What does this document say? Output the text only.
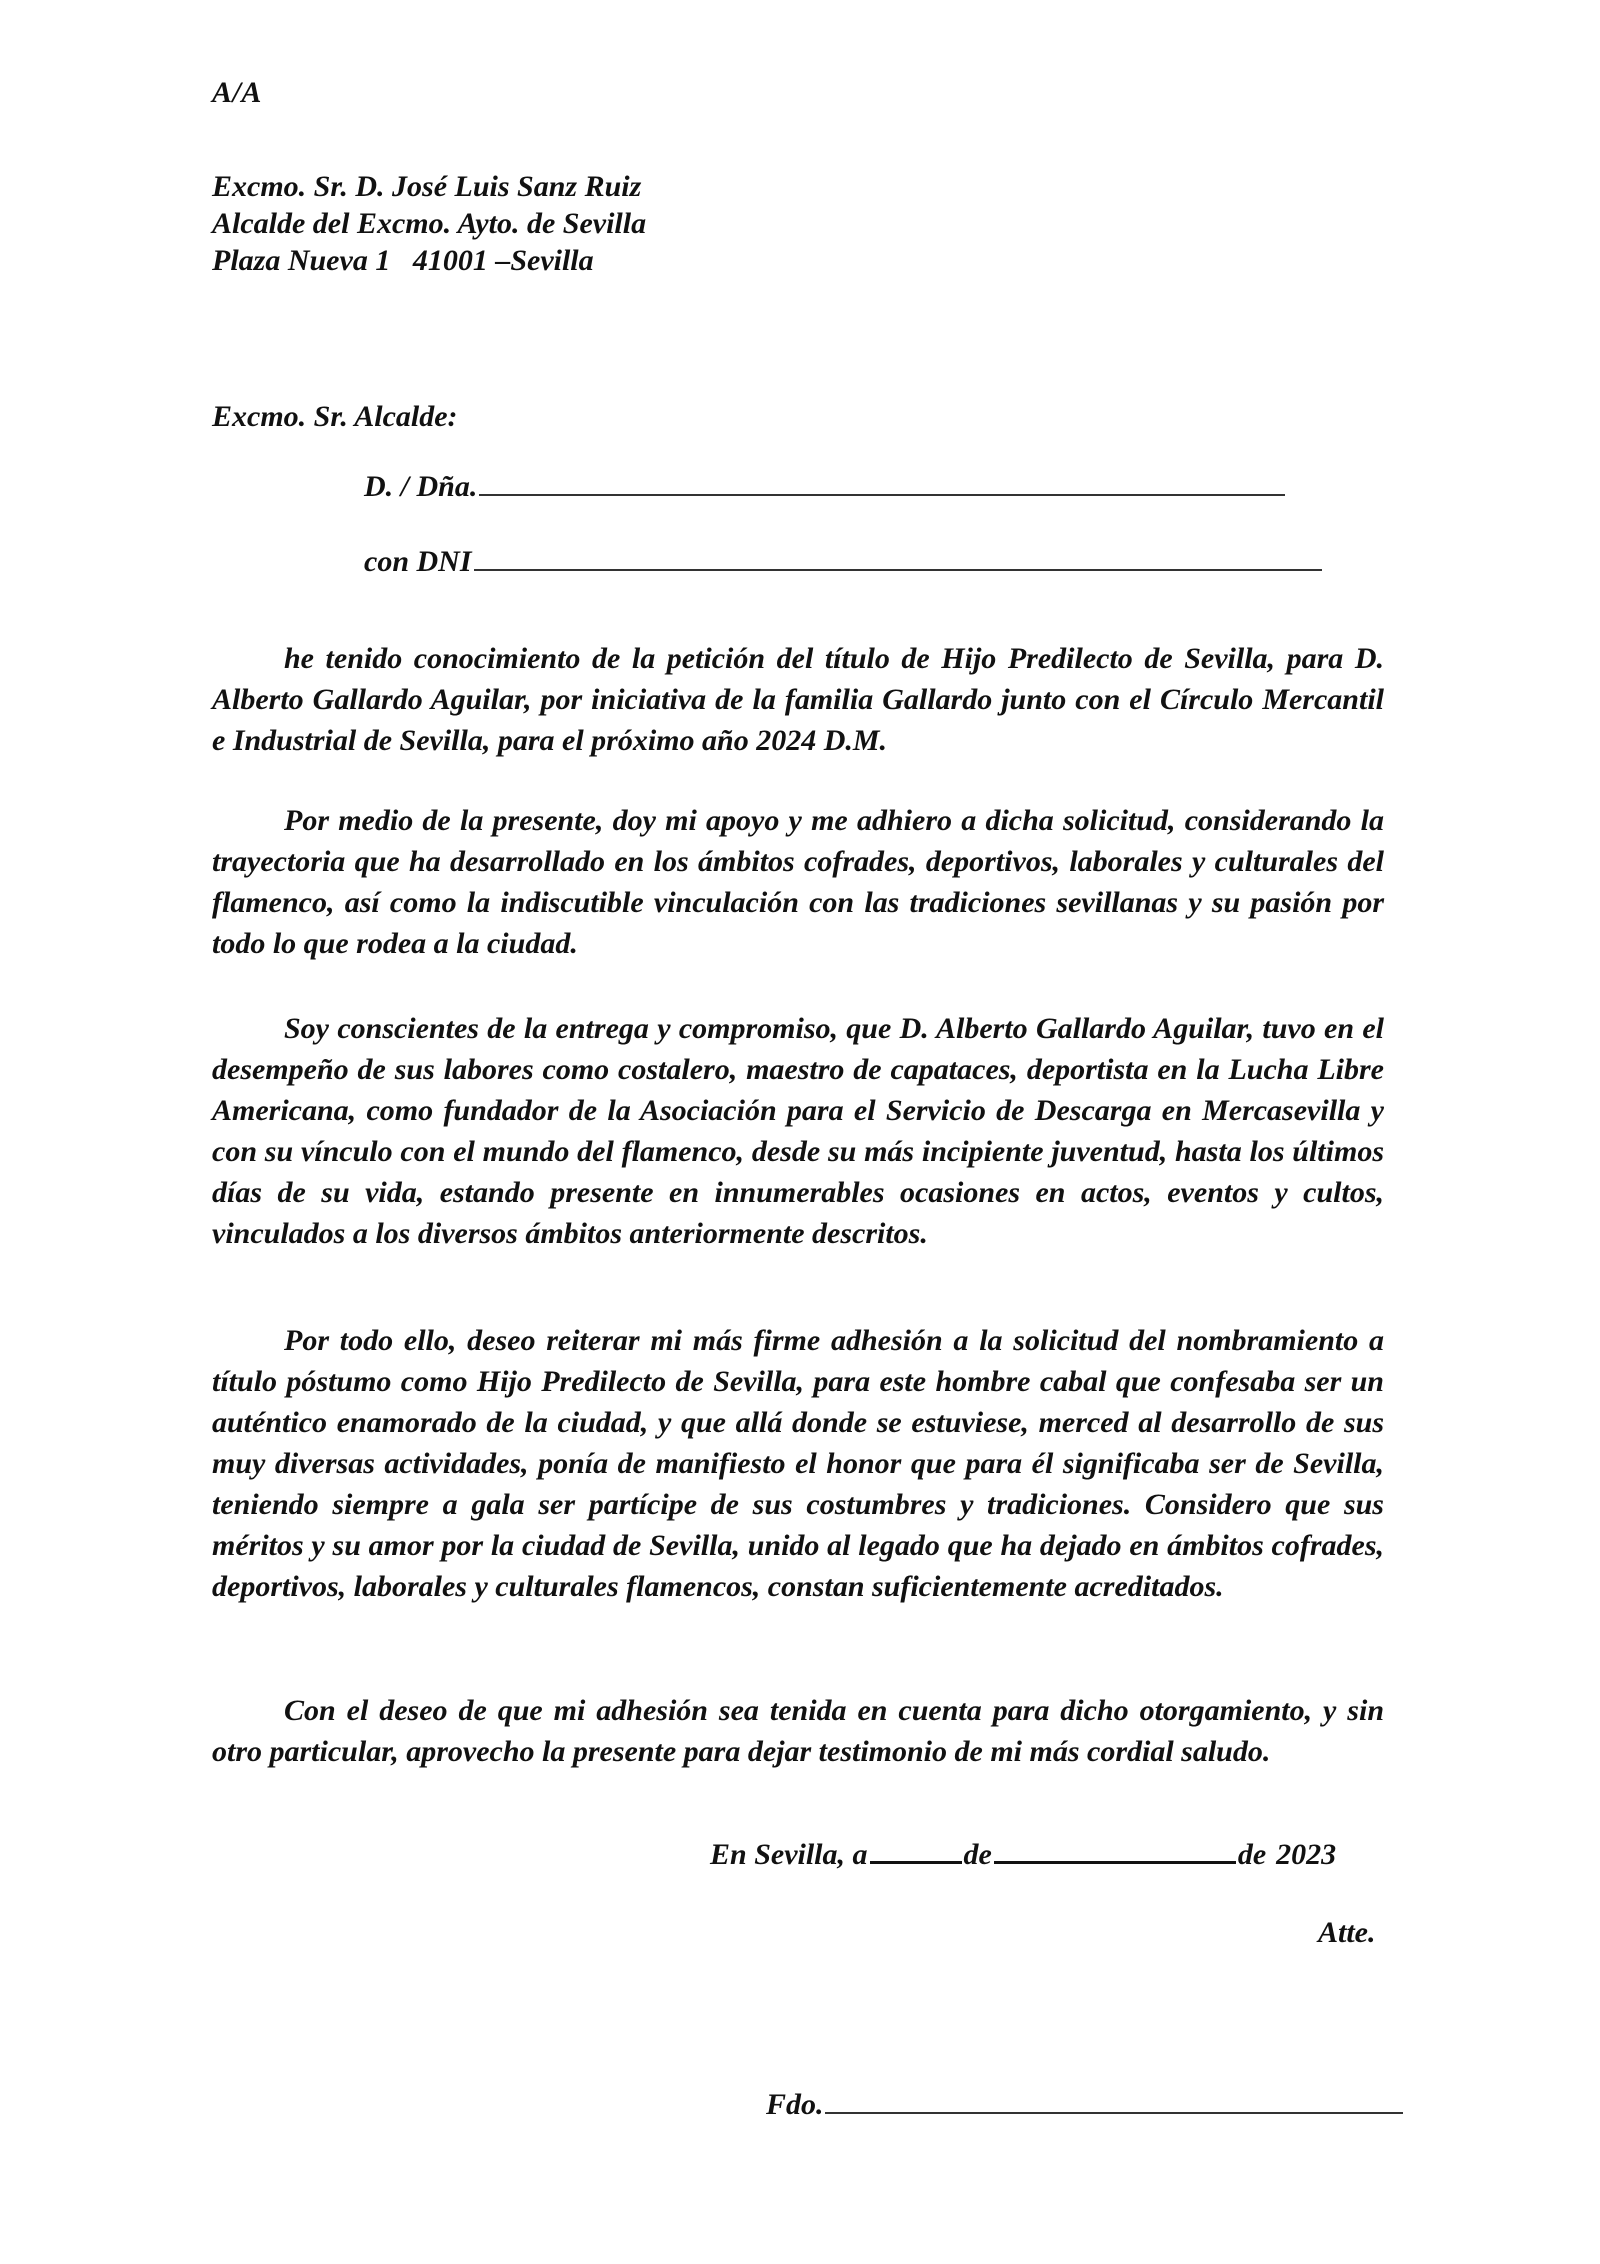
A/A
Excmo. Sr. D. José Luis Sanz Ruiz
Alcalde del Excmo. Ayto. de Sevilla
Plaza Nueva 1   41001 –Sevilla
Excmo. Sr. Alcalde:
D. / Dña.
con DNI

he tenido conocimiento de la petición del título de Hijo Predilecto de Sevilla, para D. Alberto Gallardo Aguilar, por iniciativa de la familia Gallardo junto con el Círculo Mercantil e Industrial de Sevilla, para el próximo año 2024 D.M.

Por medio de la presente, doy mi apoyo y me adhiero a dicha solicitud, considerando la trayectoria que ha desarrollado en los ámbitos cofrades, deportivos, laborales y culturales del flamenco, así como la indiscutible vinculación con las tradiciones sevillanas y su pasión por todo lo que rodea a la ciudad.

Soy conscientes de la entrega y compromiso, que D. Alberto Gallardo Aguilar, tuvo en el desempeño de sus labores como costalero, maestro de capataces, deportista en la Lucha Libre Americana, como fundador de la Asociación para el Servicio de Descarga en Mercasevilla y con su vínculo con el mundo del flamenco, desde su más incipiente juventud, hasta los últimos días de su vida, estando presente en innumerables ocasiones en actos, eventos y cultos, vinculados a los diversos ámbitos anteriormente descritos.

Por todo ello, deseo reiterar mi más firme adhesión a la solicitud del nombramiento a título póstumo como Hijo Predilecto de Sevilla, para este hombre cabal que confesaba ser un auténtico enamorado de la ciudad, y que allá donde se estuviese, merced al desarrollo de sus muy diversas actividades, ponía de manifiesto el honor que para él significaba ser de Sevilla, teniendo siempre a gala ser partícipe de sus costumbres y tradiciones. Considero que sus méritos y su amor por la ciudad de Sevilla, unido al legado que ha dejado en ámbitos cofrades, deportivos, laborales y culturales flamencos, constan suficientemente acreditados.

Con el deseo de que mi adhesión sea tenida en cuenta para dicho otorgamiento, y sin otro particular, aprovecho la presente para dejar testimonio de mi más cordial saludo.

En Sevilla, a	de	de 2023
Atte.
Fdo.
